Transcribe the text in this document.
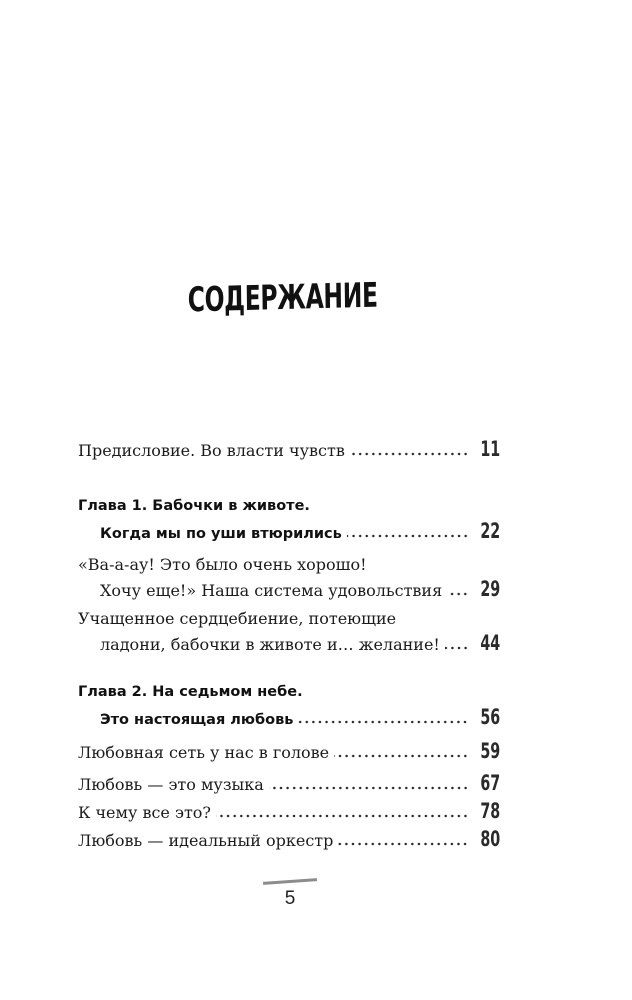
СОДЕРЖАНИЕ
Предисловие. Во власти чувств	11
Глава 1. Бабочки в животе.
Когда мы по уши втюрились	22
«Ва-а-ау! Это было очень хорошо!
Хочу еще!» Наша система удовольствия 29
Учащенное сердцебиение, потеющие
ладони, бабочки в животе и… желание! 44
Глава 2. На седьмом небе.
Это настоящая любовь	56
Любовная сеть у нас в голове	59
Любовь — это музыка	67
К чему все это?	78
Любовь — идеальный оркестр	80
5
